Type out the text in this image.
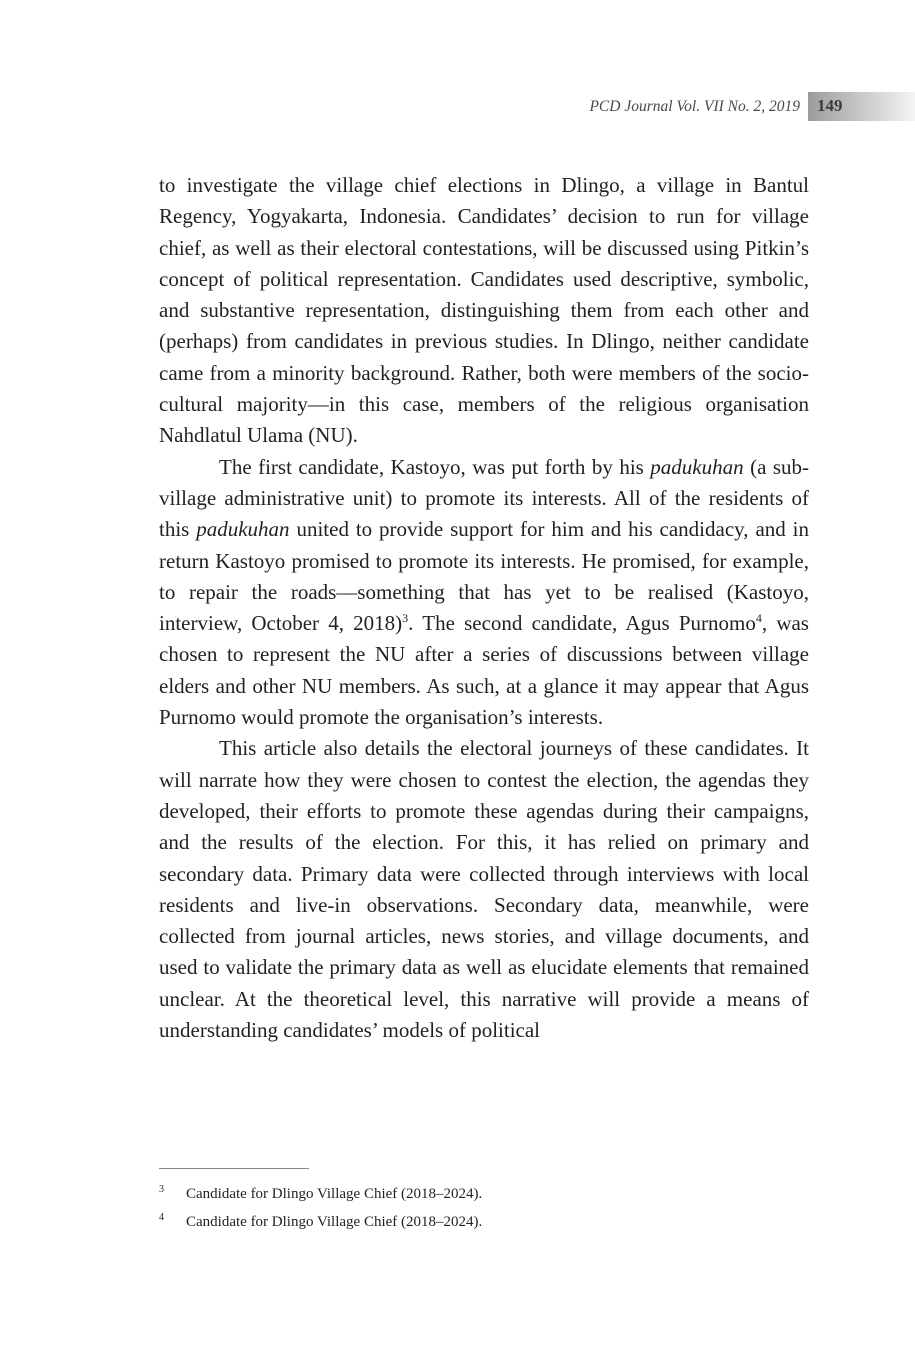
PCD Journal Vol. VII No. 2, 2019 149

to investigate the village chief elections in Dlingo, a village in Bantul Regency, Yogyakarta, Indonesia. Candidates’ decision to run for village chief, as well as their electoral contestations, will be discussed using Pitkin’s concept of political representation. Candidates used descriptive, symbolic, and substantive representation, distinguishing them from each other and (perhaps) from candidates in previous studies. In Dlingo, neither candidate came from a minority background. Rather, both were members of the socio-cultural majority—in this case, members of the religious organisation Nahdlatul Ulama (NU).

The first candidate, Kastoyo, was put forth by his padukuhan (a sub-village administrative unit) to promote its interests. All of the residents of this padukuhan united to provide support for him and his candidacy, and in return Kastoyo promised to promote its interests. He promised, for example, to repair the roads—something that has yet to be realised (Kastoyo, interview, October 4, 2018)$^3$. The second candidate, Agus Purnomo$^4$, was chosen to represent the NU after a series of discussions between village elders and other NU members. As such, at a glance it may appear that Agus Purnomo would promote the organisation’s interests.

This article also details the electoral journeys of these candidates. It will narrate how they were chosen to contest the election, the agendas they developed, their efforts to promote these agendas during their campaigns, and the results of the election. For this, it has relied on primary and secondary data. Primary data were collected through interviews with local residents and live-in observations. Secondary data, meanwhile, were collected from journal articles, news stories, and village documents, and used to validate the primary data as well as elucidate elements that remained unclear. At the theoretical level, this narrative will provide a means of understanding candidates’ models of political

3 Candidate for Dlingo Village Chief (2018–2024).
4 Candidate for Dlingo Village Chief (2018–2024).
